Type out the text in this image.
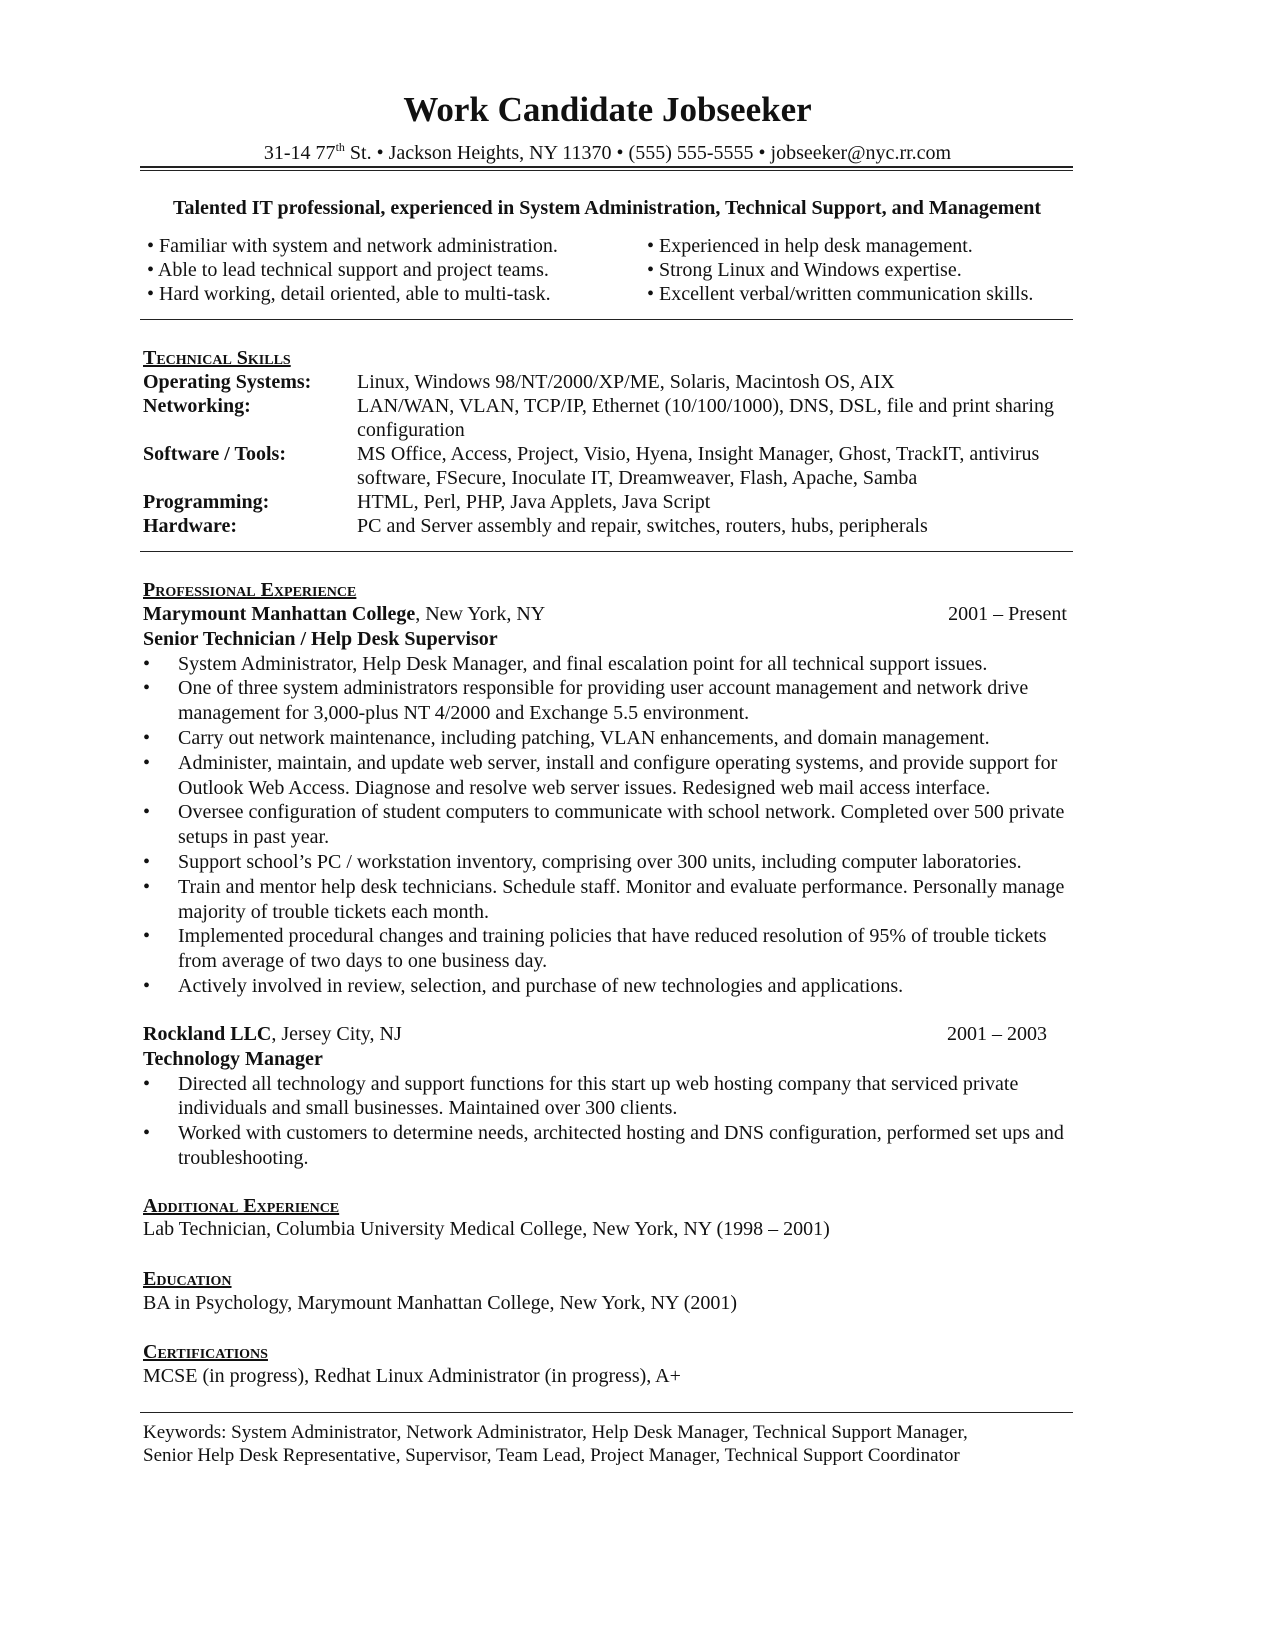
Work Candidate Jobseeker
31-14 77th St. • Jackson Heights, NY 11370 • (555) 555-5555 • jobseeker@nyc.rr.com
Talented IT professional, experienced in System Administration, Technical Support, and Management
• Familiar with system and network administration.
• Able to lead technical support and project teams.
• Hard working, detail oriented, able to multi-task.
• Experienced in help desk management.
• Strong Linux and Windows expertise.
• Excellent verbal/written communication skills.
Technical Skills
Operating Systems:	Linux, Windows 98/NT/2000/XP/ME, Solaris, Macintosh OS, AIX
Networking:	LAN/WAN, VLAN, TCP/IP, Ethernet (10/100/1000), DNS, DSL, file and print sharing configuration
Software / Tools:	MS Office, Access, Project, Visio, Hyena, Insight Manager, Ghost, TrackIT, antivirus software, FSecure, Inoculate IT, Dreamweaver, Flash, Apache, Samba
Programming:	HTML, Perl, PHP, Java Applets, Java Script
Hardware:	PC and Server assembly and repair, switches, routers, hubs, peripherals
Professional Experience
Marymount Manhattan College, New York, NY	2001 – Present
Senior Technician / Help Desk Supervisor
•	System Administrator, Help Desk Manager, and final escalation point for all technical support issues.
•	One of three system administrators responsible for providing user account management and network drive management for 3,000-plus NT 4/2000 and Exchange 5.5 environment.
•	Carry out network maintenance, including patching, VLAN enhancements, and domain management.
•	Administer, maintain, and update web server, install and configure operating systems, and provide support for Outlook Web Access. Diagnose and resolve web server issues. Redesigned web mail access interface.
•	Oversee configuration of student computers to communicate with school network. Completed over 500 private setups in past year.
•	Support school’s PC / workstation inventory, comprising over 300 units, including computer laboratories.
•	Train and mentor help desk technicians. Schedule staff. Monitor and evaluate performance. Personally manage majority of trouble tickets each month.
•	Implemented procedural changes and training policies that have reduced resolution of 95% of trouble tickets from average of two days to one business day.
•	Actively involved in review, selection, and purchase of new technologies and applications.
Rockland LLC, Jersey City, NJ	2001 – 2003
Technology Manager
•	Directed all technology and support functions for this start up web hosting company that serviced private individuals and small businesses. Maintained over 300 clients.
•	Worked with customers to determine needs, architected hosting and DNS configuration, performed set ups and troubleshooting.
Additional Experience
Lab Technician, Columbia University Medical College, New York, NY (1998 – 2001)
Education
BA in Psychology, Marymount Manhattan College, New York, NY (2001)
Certifications
MCSE (in progress), Redhat Linux Administrator (in progress), A+
Keywords: System Administrator, Network Administrator, Help Desk Manager, Technical Support Manager,
Senior Help Desk Representative, Supervisor, Team Lead, Project Manager, Technical Support Coordinator
